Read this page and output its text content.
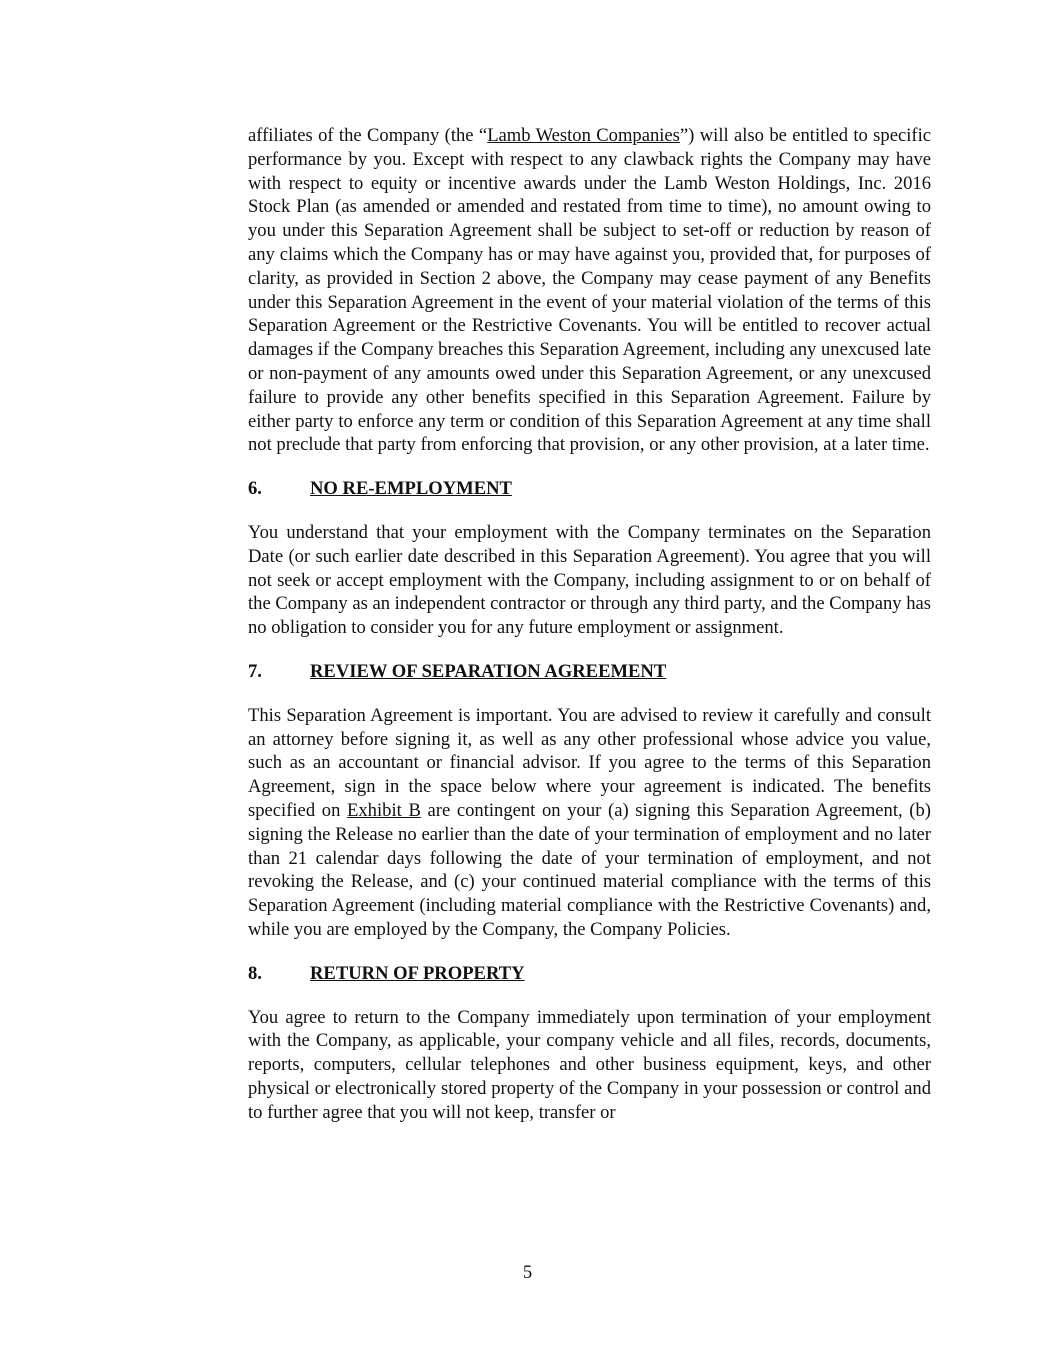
affiliates of the Company (the “Lamb Weston Companies”) will also be entitled to specific performance by you. Except with respect to any clawback rights the Company may have with respect to equity or incentive awards under the Lamb Weston Holdings, Inc. 2016 Stock Plan (as amended or amended and restated from time to time), no amount owing to you under this Separation Agreement shall be subject to set-off or reduction by reason of any claims which the Company has or may have against you, provided that, for purposes of clarity, as provided in Section 2 above, the Company may cease payment of any Benefits under this Separation Agreement in the event of your material violation of the terms of this Separation Agreement or the Restrictive Covenants. You will be entitled to recover actual damages if the Company breaches this Separation Agreement, including any unexcused late or non-payment of any amounts owed under this Separation Agreement, or any unexcused failure to provide any other benefits specified in this Separation Agreement. Failure by either party to enforce any term or condition of this Separation Agreement at any time shall not preclude that party from enforcing that provision, or any other provision, at a later time.

6.	NO RE-EMPLOYMENT

You understand that your employment with the Company terminates on the Separation Date (or such earlier date described in this Separation Agreement). You agree that you will not seek or accept employment with the Company, including assignment to or on behalf of the Company as an independent contractor or through any third party, and the Company has no obligation to consider you for any future employment or assignment.

7.	REVIEW OF SEPARATION AGREEMENT

This Separation Agreement is important. You are advised to review it carefully and consult an attorney before signing it, as well as any other professional whose advice you value, such as an accountant or financial advisor. If you agree to the terms of this Separation Agreement, sign in the space below where your agreement is indicated. The benefits specified on Exhibit B are contingent on your (a) signing this Separation Agreement, (b) signing the Release no earlier than the date of your termination of employment and no later than 21 calendar days following the date of your termination of employment, and not revoking the Release, and (c) your continued material compliance with the terms of this Separation Agreement (including material compliance with the Restrictive Covenants) and, while you are employed by the Company, the Company Policies.

8.	RETURN OF PROPERTY

You agree to return to the Company immediately upon termination of your employment with the Company, as applicable, your company vehicle and all files, records, documents, reports, computers, cellular telephones and other business equipment, keys, and other physical or electronically stored property of the Company in your possession or control and to further agree that you will not keep, transfer or

5
